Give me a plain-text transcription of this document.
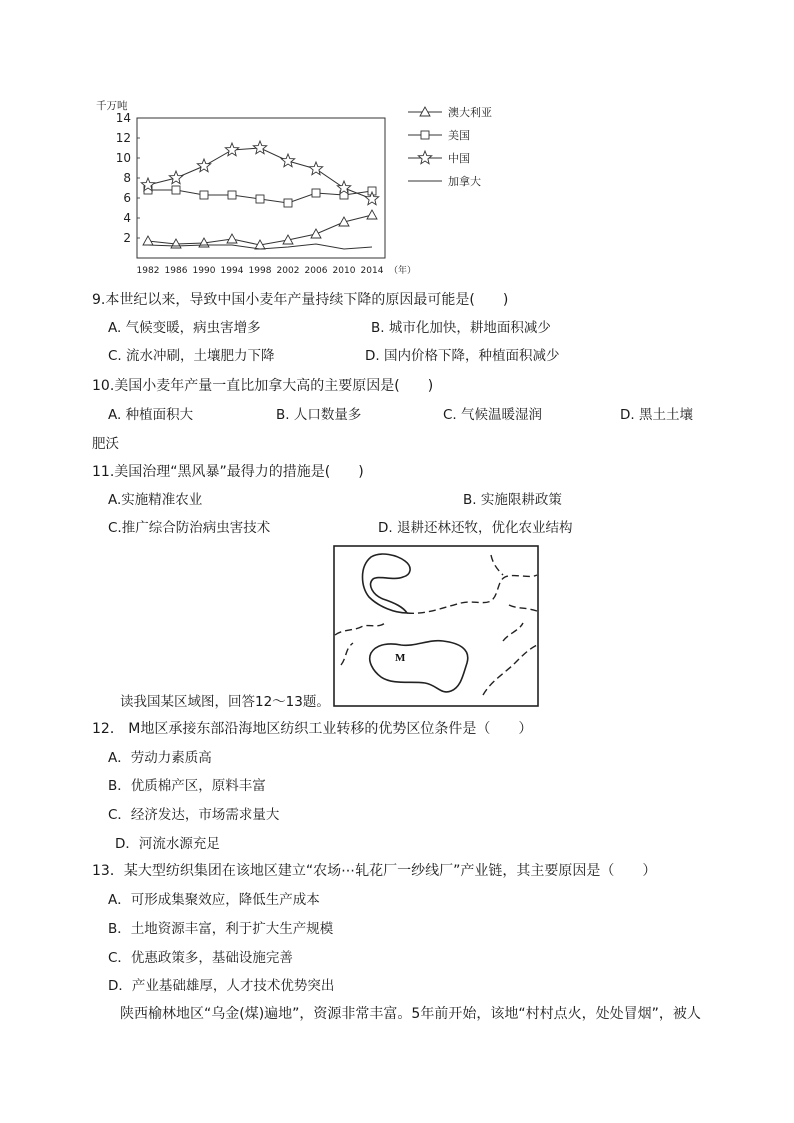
千万吨
2
4
6
8
10
12
14
1982 1986 1990 1994 1998 2002 2006 2010 2014 （年）
澳大利亚
美国
中国
加拿大
9.本世纪以来，导致中国小麦年产量持续下降的原因最可能是(　　)
A. 气候变暖，病虫害增多	B. 城市化加快，耕地面积减少
C. 流水冲刷，土壤肥力下降	D. 国内价格下降，种植面积减少
10.美国小麦年产量一直比加拿大高的主要原因是(　　)
A. 种植面积大	B. 人口数量多	C. 气候温暖湿润	D. 黑土土壤
肥沃
11.美国治理“黑风暴”最得力的措施是(　　)
A.实施精准农业	B. 实施限耕政策
C.推广综合防治病虫害技术	D. 退耕还林还牧，优化农业结构
M
读我国某区域图，回答12～13题。
12． M地区承接东部沿海地区纺织工业转移的优势区位条件是（　　）
A．劳动力素质高
B．优质棉产区，原料丰富
C．经济发达，市场需求量大
D．河流水源充足
13．某大型纺织集团在该地区建立“农场⋯轧花厂一纱线厂”产业链，其主要原因是（　　）
A．可形成集聚效应，降低生产成本
B．土地资源丰富，利于扩大生产规模
C．优惠政策多，基础设施完善
D．产业基础雄厚，人才技术优势突出
陕西榆林地区“乌金(煤)遍地”，资源非常丰富。5年前开始，该地“村村点火，处处冒烟”，被人
